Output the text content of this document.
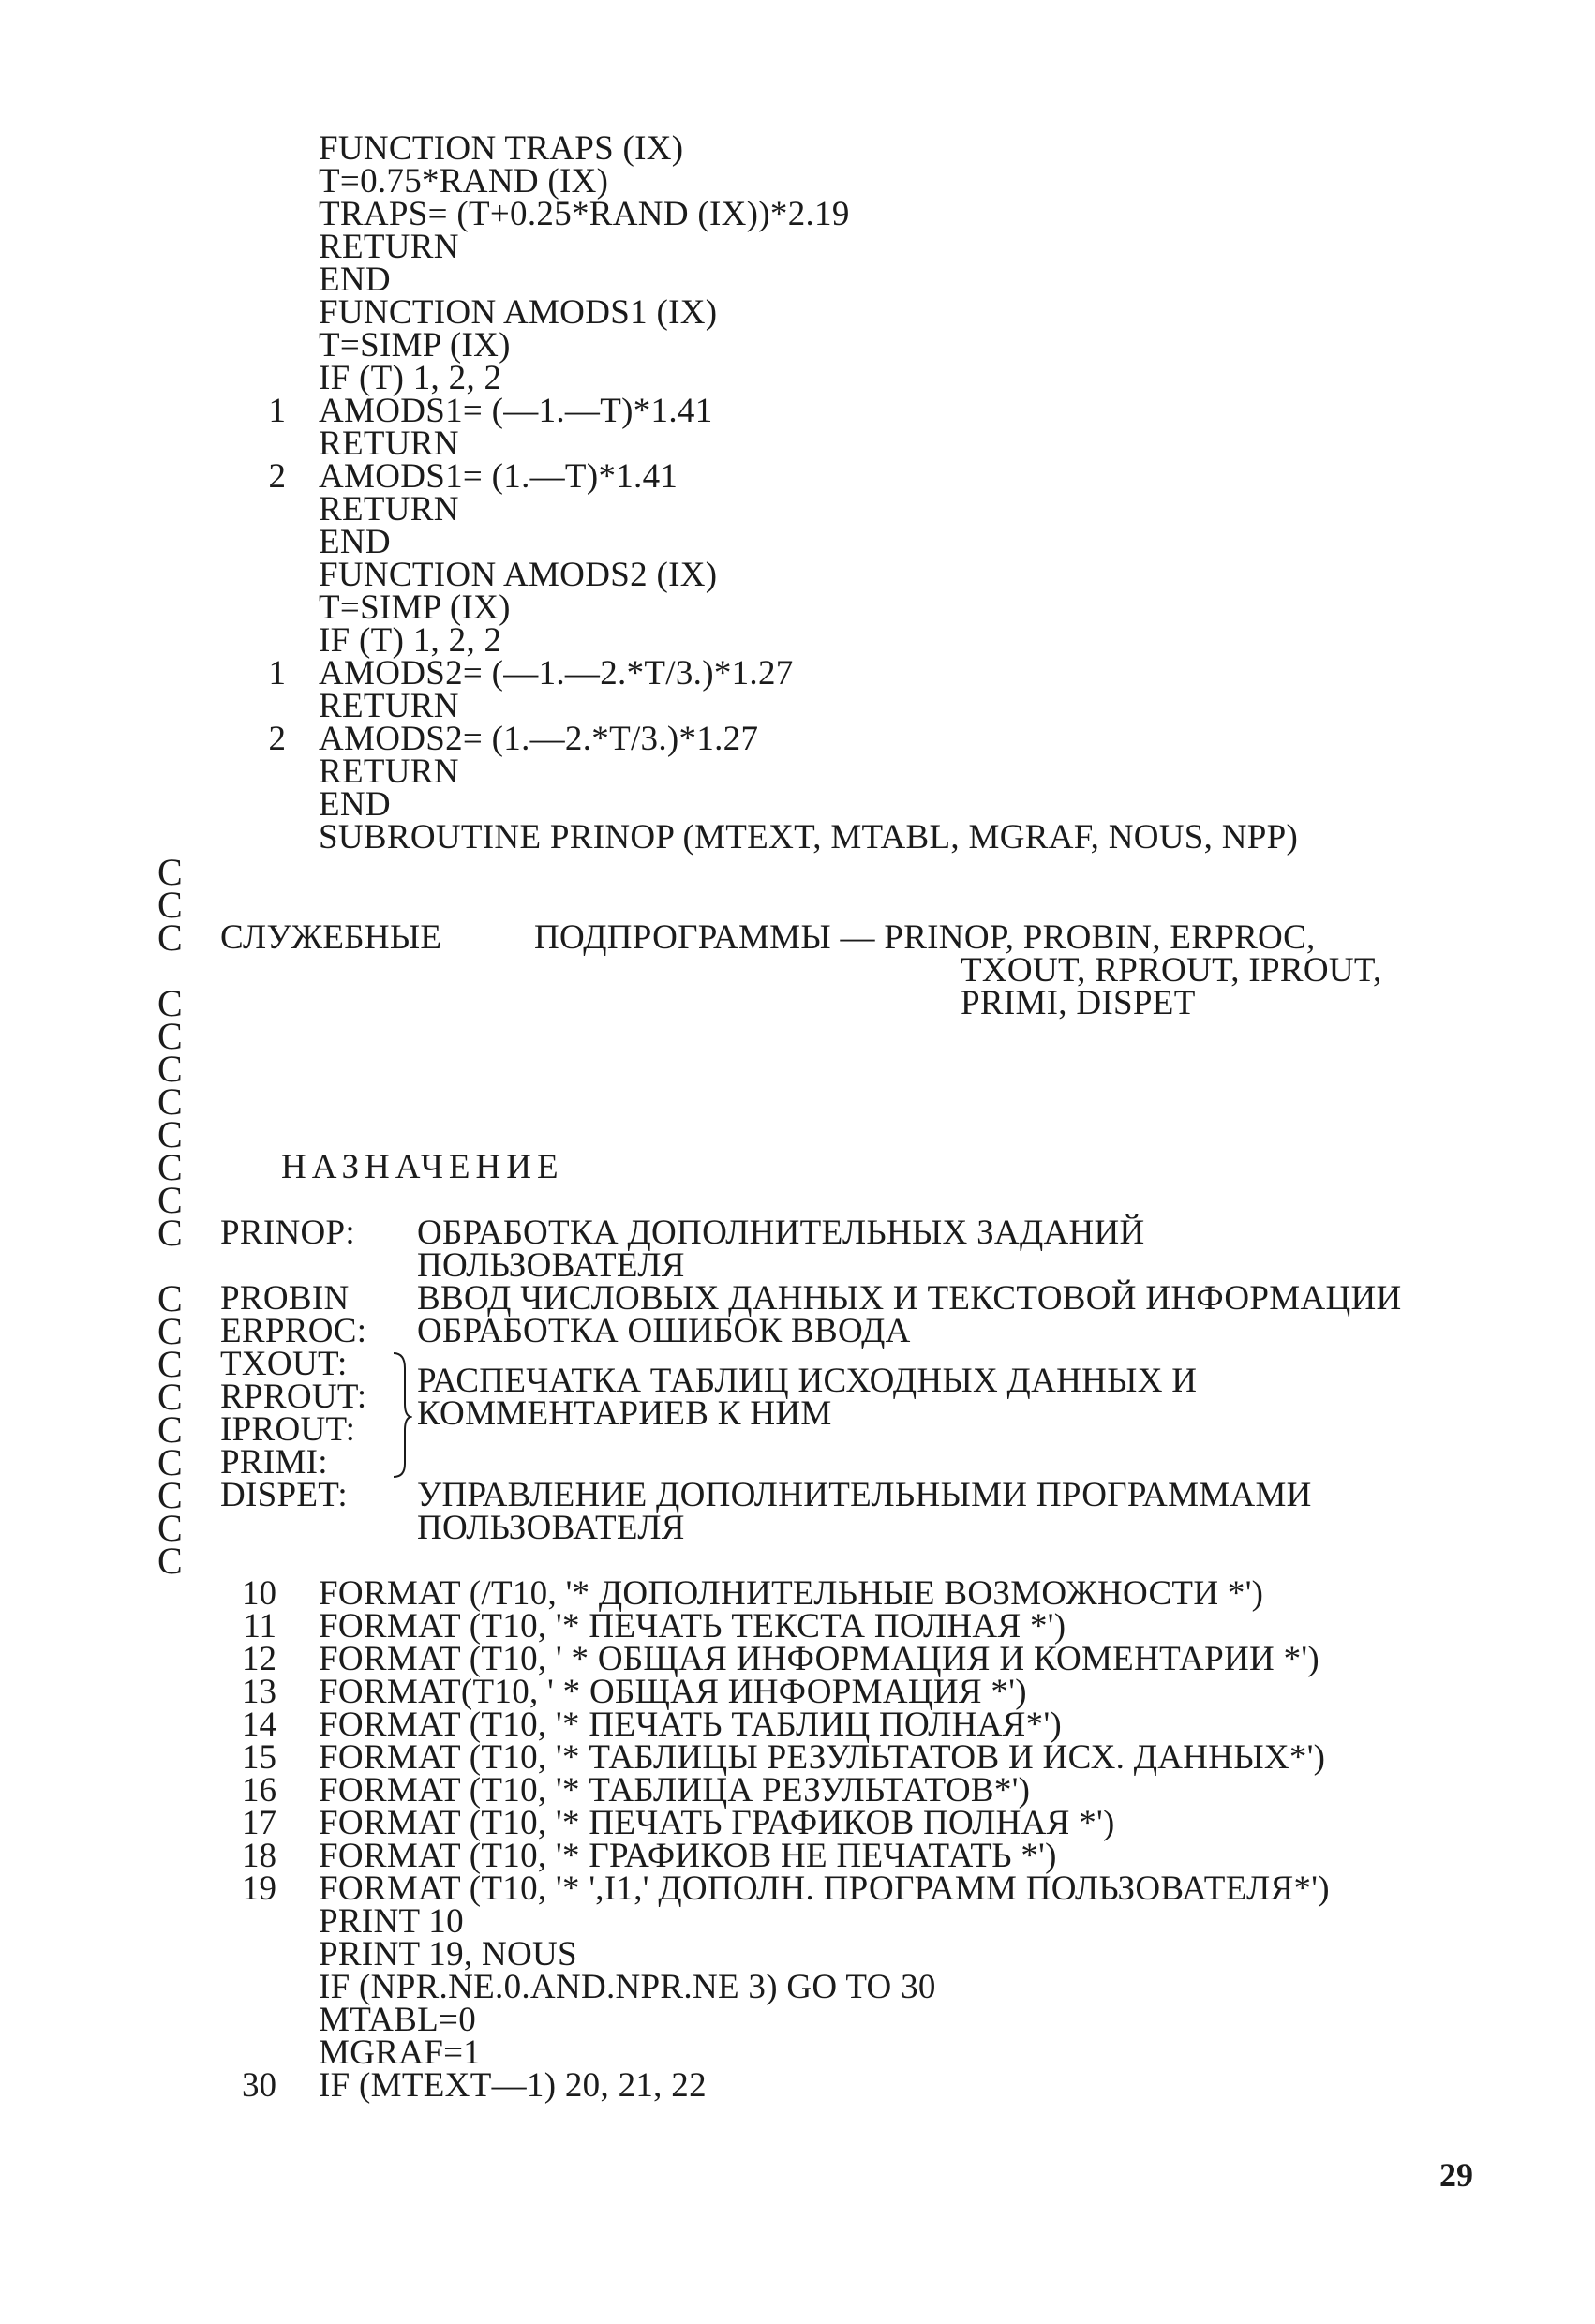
FUNCTION TRAPS (IX)
T=0.75*RAND (IX)
TRAPS= (T+0.25*RAND (IX))*2.19
RETURN
END
FUNCTION AMODS1 (IX)
T=SIMP (IX)
IF (T) 1, 2, 2
1 AMODS1= (—1.—T)*1.41
RETURN
2 AMODS1= (1.—T)*1.41
RETURN
END
FUNCTION AMODS2 (IX)
T=SIMP (IX)
IF (T) 1, 2, 2
1 AMODS2= (—1.—2.*T/3.)*1.27
RETURN
2 AMODS2= (1.—2.*T/3.)*1.27
RETURN
END
SUBROUTINE PRINOP (MTEXT, MTABL, MGRAF, NOUS, NPP)
C
C
C
C
C
C
C
C
C
C
C
C
C
C
C
C
C
C
C
C
СЛУЖЕБНЫЕ	ПОДПРОГРАММЫ — PRINOP, PROBIN, ERPROC,
TXOUT, RPROUT, IPROUT,
PRIMI, DISPET
НАЗНАЧЕНИЕ
PRINOP: ОБРАБОТКА ДОПОЛНИТЕЛЬНЫХ ЗАДАНИЙ
ПОЛЬЗОВАТЕЛЯ
PROBIN ВВОД ЧИСЛОВЫХ ДАННЫХ И ТЕКСТОВОЙ ИНФОРМАЦИИ
ERPROC: ОБРАБОТКА ОШИБОК ВВОДА
TXOUT:
RPROUT:
IPROUT:
PRIMI:
РАСПЕЧАТКА ТАБЛИЦ ИСХОДНЫХ ДАННЫХ И
КОММЕНТАРИЕВ К НИМ
DISPET: УПРАВЛЕНИЕ ДОПОЛНИТЕЛЬНЫМИ ПРОГРАММАМИ
ПОЛЬЗОВАТЕЛЯ
10 FORMAT (/T10, '* ДОПОЛНИТЕЛЬНЫЕ ВОЗМОЖНОСТИ *')
11 FORMAT (T10, '* ПЕЧАТЬ ТЕКСТА ПОЛНАЯ *')
12 FORMAT (T10, ' * ОБЩАЯ ИНФОРМАЦИЯ И КОМЕНТАРИИ *')
13 FORMAT(T10, ' * ОБЩАЯ ИНФОРМАЦИЯ *')
14 FORMAT (T10, '* ПЕЧАТЬ ТАБЛИЦ ПОЛНАЯ*')
15 FORMAT (T10, '* ТАБЛИЦЫ РЕЗУЛЬТАТОВ И ИСХ. ДАННЫХ*')
16 FORMAT (T10, '* ТАБЛИЦА РЕЗУЛЬТАТОВ*')
17 FORMAT (T10, '* ПЕЧАТЬ ГРАФИКОВ ПОЛНАЯ *')
18 FORMAT (T10, '* ГРАФИКОВ НЕ ПЕЧАТАТЬ *')
19 FORMAT (T10, '* ',I1,' ДОПОЛН. ПРОГРАММ ПОЛЬЗОВАТЕЛЯ*')
PRINT 10
PRINT 19, NOUS
IF (NPR.NE.0.AND.NPR.NE 3) GO TO 30
MTABL=0
MGRAF=1
30 IF (MTEXT—1) 20, 21, 22
29
